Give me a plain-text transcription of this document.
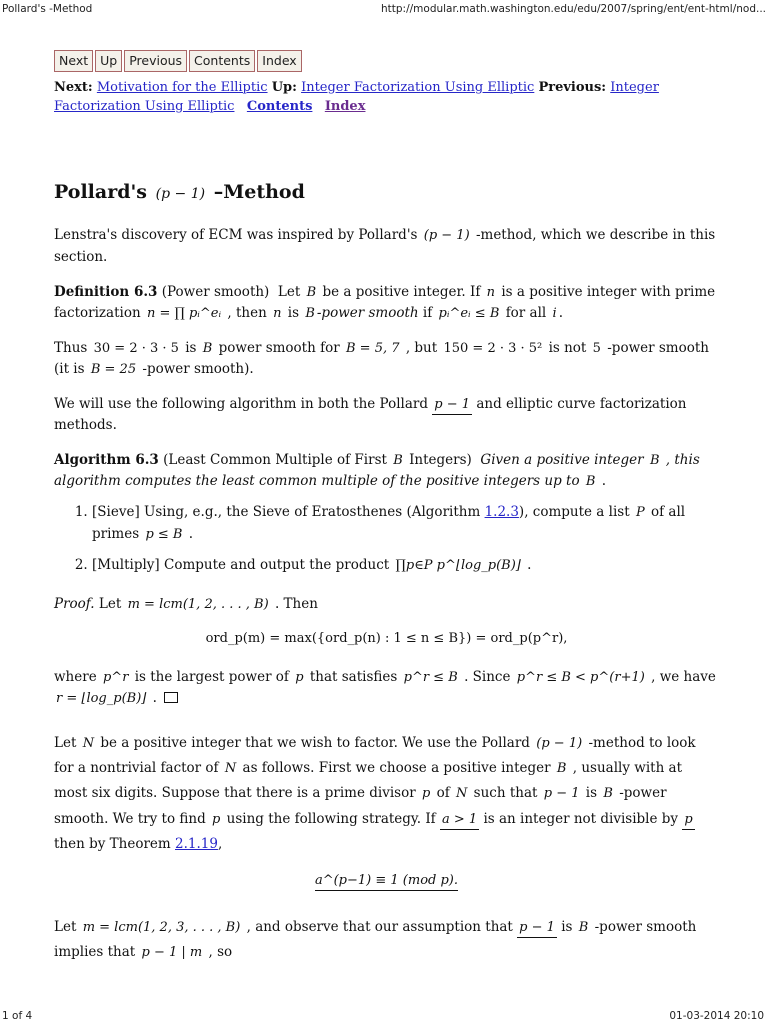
Pollard's -Method	http://modular.math.washington.edu/edu/2007/spring/ent/ent-html/nod...
Next Up Previous Contents Index
Next: Motivation for the Elliptic Up: Integer Factorization Using Elliptic Previous: Integer Factorization Using Elliptic Contents Index
Pollard's (p − 1) –Method

Lenstra's discovery of ECM was inspired by Pollard's (p − 1) -method, which we describe in this section.

Definition 6.3 (Power smooth) Let B be a positive integer. If n is a positive integer with prime factorization n = ∏ pᵢ^eᵢ , then n is B -power smooth if pᵢ^eᵢ ≤ B for all i .

Thus 30 = 2 · 3 · 5 is B power smooth for B = 5, 7 , but 150 = 2 · 3 · 5² is not 5 -power smooth (it is B = 25 -power smooth).

We will use the following algorithm in both the Pollard p − 1 and elliptic curve factorization methods.

Algorithm 6.3 (Least Common Multiple of First B Integers) Given a positive integer B , this algorithm computes the least common multiple of the positive integers up to B .

1. [Sieve] Using, e.g., the Sieve of Eratosthenes (Algorithm 1.2.3), compute a list P of all primes p ≤ B .
2. [Multiply] Compute and output the product ∏p∈P p^⌊log_p(B)⌋ .

Proof. Let m = lcm(1, 2, . . . , B) . Then

ord_p(m) = max({ord_p(n) : 1 ≤ n ≤ B}) = ord_p(p^r),

where p^r is the largest power of p that satisfies p^r ≤ B . Since p^r ≤ B < p^(r+1) , we have
r = ⌊log_p(B)⌋ .

Let N be a positive integer that we wish to factor. We use the Pollard (p − 1) -method to look for a nontrivial factor of N as follows. First we choose a positive integer B , usually with at most six digits. Suppose that there is a prime divisor p of N such that p − 1 is B -power smooth. We try to find p using the following strategy. If a > 1 is an integer not divisible by p then by Theorem 2.1.19,

a^(p−1) ≡ 1 (mod p).

Let m = lcm(1, 2, 3, . . . , B) , and observe that our assumption that p − 1 is B -power smooth implies that p − 1 | m , so

1 of 4	01-03-2014 20:10
